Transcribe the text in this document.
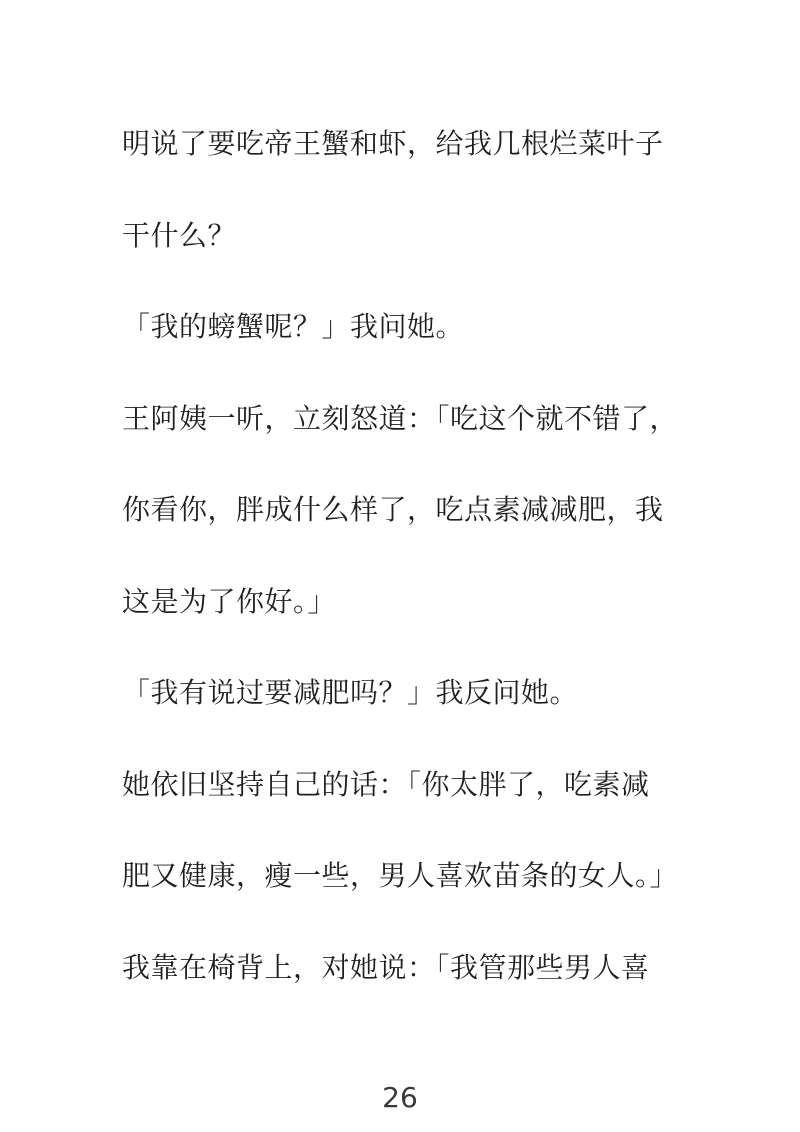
明说了要吃帝王蟹和虾，给我几根烂菜叶子
干什么？
「我的螃蟹呢？」我问她。
王阿姨一听，立刻怒道：「吃这个就不错了，
你看你，胖成什么样了，吃点素减减肥，我
这是为了你好。」
「我有说过要减肥吗？」我反问她。
她依旧坚持自己的话：「你太胖了，吃素减
肥又健康，瘦一些，男人喜欢苗条的女人。」
我靠在椅背上，对她说：「我管那些男人喜
26
